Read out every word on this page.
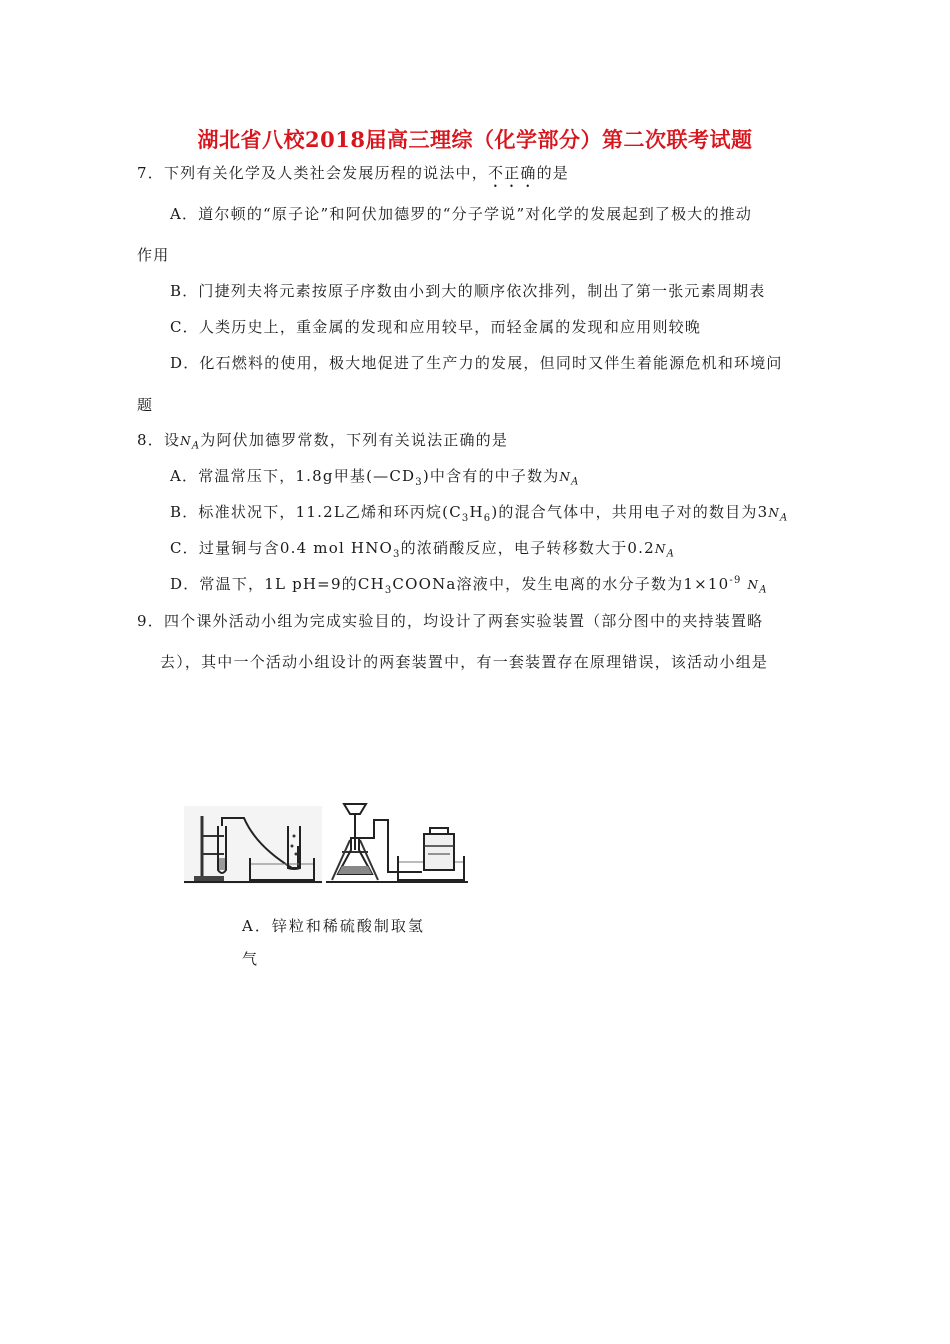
湖北省八校2018届高三理综（化学部分）第二次联考试题
7．下列有关化学及人类社会发展历程的说法中，不正确的是
A．道尔顿的“原子论”和阿伏加德罗的“分子学说”对化学的发展起到了极大的推动
作用
B．门捷列夫将元素按原子序数由小到大的顺序依次排列，制出了第一张元素周期表
C．人类历史上，重金属的发现和应用较早，而轻金属的发现和应用则较晚
D．化石燃料的使用，极大地促进了生产力的发展，但同时又伴生着能源危机和环境问
题
8．设$N_A$为阿伏加德罗常数，下列有关说法正确的是
A．常温常压下，1.8g甲基$(—CD_3)$中含有的中子数为$N_A$
B．标准状况下，11.2L乙烯和环丙烷$(C_3H_6)$的混合气体中，共用电子对的数目为$3N_A$
C．过量铜与含0.4 mol $HNO_3$的浓硝酸反应，电子转移数大于$0.2N_A$
D．常温下，1L pH=9的$CH_3COONa$溶液中，发生电离的水分子数为$1\times 10^{-9}$ $N_A$
9．四个课外活动小组为完成实验目的，均设计了两套实验装置（部分图中的夹持装置略
去），其中一个活动小组设计的两套装置中，有一套装置存在原理错误，该活动小组是
A．锌粒和稀硫酸制取氢
气
